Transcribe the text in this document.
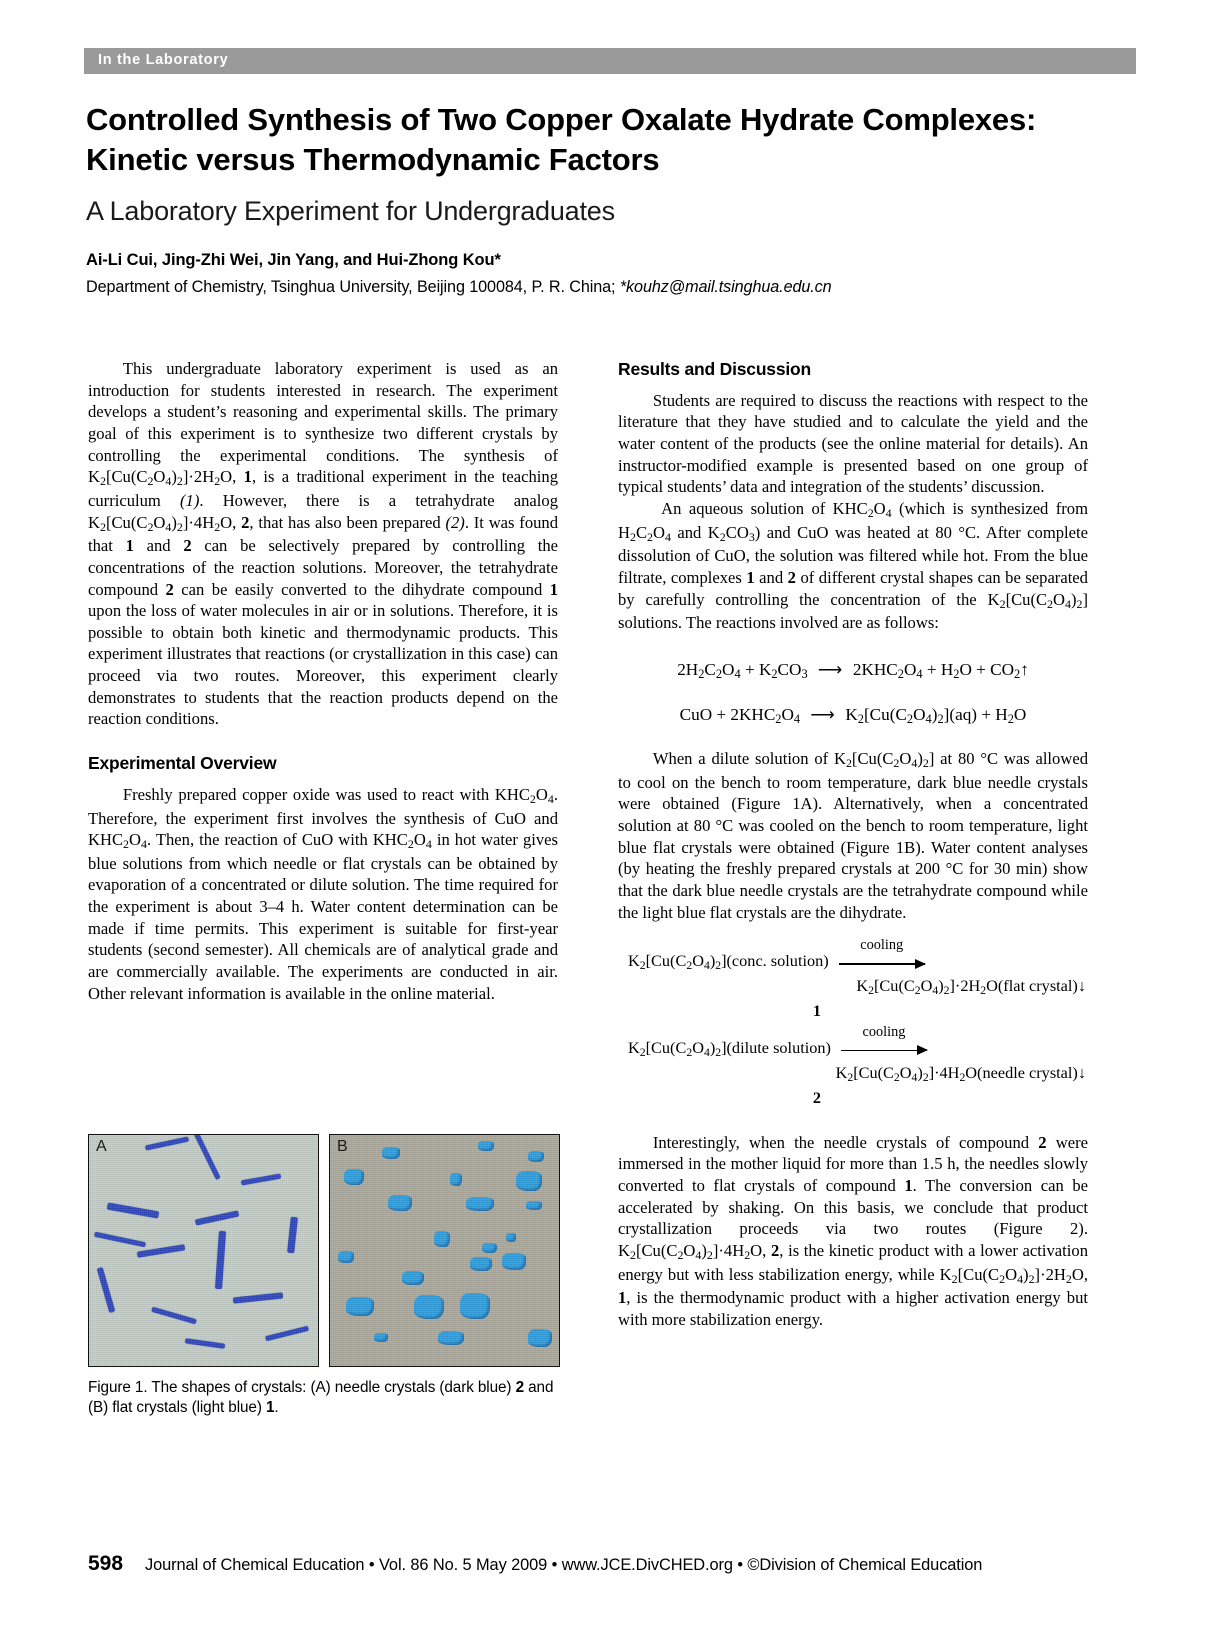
In the Laboratory
Controlled Synthesis of Two Copper Oxalate Hydrate Complexes:
Kinetic versus Thermodynamic Factors
A Laboratory Experiment for Undergraduates
Ai-Li Cui, Jing-Zhi Wei, Jin Yang, and Hui-Zhong Kou*
Department of Chemistry, Tsinghua University, Beijing 100084, P. R. China; *kouhz@mail.tsinghua.edu.cn

This undergraduate laboratory experiment is used as an introduction for students interested in research. The experiment develops a student’s reasoning and experimental skills. The primary goal of this experiment is to synthesize two different crystals by controlling the experimental conditions. The synthesis of $K_2[Cu(C_2O_4)_2]\cdot 2H_2O$, 1, is a traditional experiment in the teaching curriculum (1). However, there is a tetrahydrate analog $K_2[Cu(C_2O_4)_2]\cdot 4H_2O$, 2, that has also been prepared (2). It was found that 1 and 2 can be selectively prepared by controlling the concentrations of the reaction solutions. Moreover, the tetrahydrate compound 2 can be easily converted to the dihydrate compound 1 upon the loss of water molecules in air or in solutions. Therefore, it is possible to obtain both kinetic and thermodynamic products. This experiment illustrates that reactions (or crystallization in this case) can proceed via two routes. Moreover, this experiment clearly demonstrates to students that the reaction products depend on the reaction conditions.

Experimental Overview

Freshly prepared copper oxide was used to react with $KHC_2O_4$. Therefore, the experiment first involves the synthesis of CuO and $KHC_2O_4$. Then, the reaction of CuO with $KHC_2O_4$ in hot water gives blue solutions from which needle or flat crystals can be obtained by evaporation of a concentrated or dilute solution. The time required for the experiment is about 3–4 h. Water content determination can be made if time permits. This experiment is suitable for first-year students (second semester). All chemicals are of analytical grade and are commercially available. The experiments are conducted in air. Other relevant information is available in the online material.

Results and Discussion

Students are required to discuss the reactions with respect to the literature that they have studied and to calculate the yield and the water content of the products (see the online material for details). An instructor-modified example is presented based on one group of typical students’ data and integration of the students’ discussion.

An aqueous solution of $KHC_2O_4$ (which is synthesized from $H_2C_2O_4$ and $K_2CO_3$) and CuO was heated at 80 °C. After complete dissolution of CuO, the solution was filtered while hot. From the blue filtrate, complexes 1 and 2 of different crystal shapes can be separated by carefully controlling the concentration of the $K_2[Cu(C_2O_4)_2]$ solutions. The reactions involved are as follows:

$2H_2C_2O_4 + K_2CO_3$ ⟶ $2KHC_2O_4 + H_2O$ + $CO_2↑$
CuO + $2KHC_2O_4$ ⟶ $K_2[Cu(C_2O_4)_2](aq) + H_2O$

When a dilute solution of $K_2[Cu(C_2O_4)_2]$ at 80 °C was allowed to cool on the bench to room temperature, dark blue needle crystals were obtained (Figure 1A). Alternatively, when a concentrated solution at 80 °C was cooled on the bench to room temperature, light blue flat crystals were obtained (Figure 1B). Water content analyses (by heating the freshly prepared crystals at 200 °C for 30 min) show that the dark blue needle crystals are the tetrahydrate compound while the light blue flat crystals are the dihydrate.

$K_2[Cu(C_2O_4)_2](conc$. solution)
cooling
$K_2[Cu(C_2O_4)_2]\cdot 2H_2O(flat$ crystal)↓
1
$K_2[Cu(C_2O_4)_2](dilute$ solution)
cooling
$K_2[Cu(C_2O_4)_2]\cdot 4H_2O(needle$ crystal)↓
2

Interestingly, when the needle crystals of compound 2 were immersed in the mother liquid for more than 1.5 h, the needles slowly converted to flat crystals of compound 1. The conversion can be accelerated by shaking. On this basis, we conclude that product crystallization proceeds via two routes (Figure 2). $K_2[Cu(C_2O_4)_2]\cdot 4H_2O$, 2, is the kinetic product with a lower activation energy but with less stabilization energy, while $K_2[Cu(C_2O_4)_2]\cdot 2H_2O$, 1, is the thermodynamic product with a higher activation energy but with more stabilization energy.

A	B
Figure 1. The shapes of crystals: (A) needle crystals (dark blue) 2 and (B) flat crystals (light blue) 1.
598 Journal of Chemical Education • Vol. 86 No. 5 May 2009 • www.JCE.DivCHED.org • ©Division of Chemical Education
